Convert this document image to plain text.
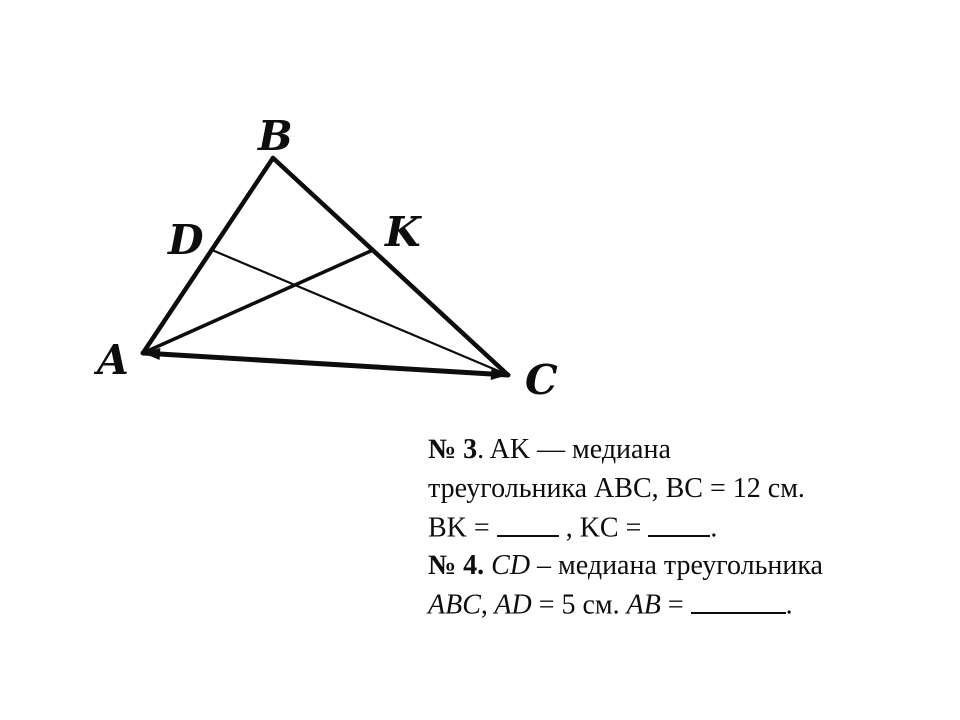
A
B
C
D	K
№ 3. AK — медиана
треугольника ABC, BC = 12 см.
BK =  , KC = .
№ 4. CD – медиана треугольника
ABC, AD = 5 см. AB =	.
